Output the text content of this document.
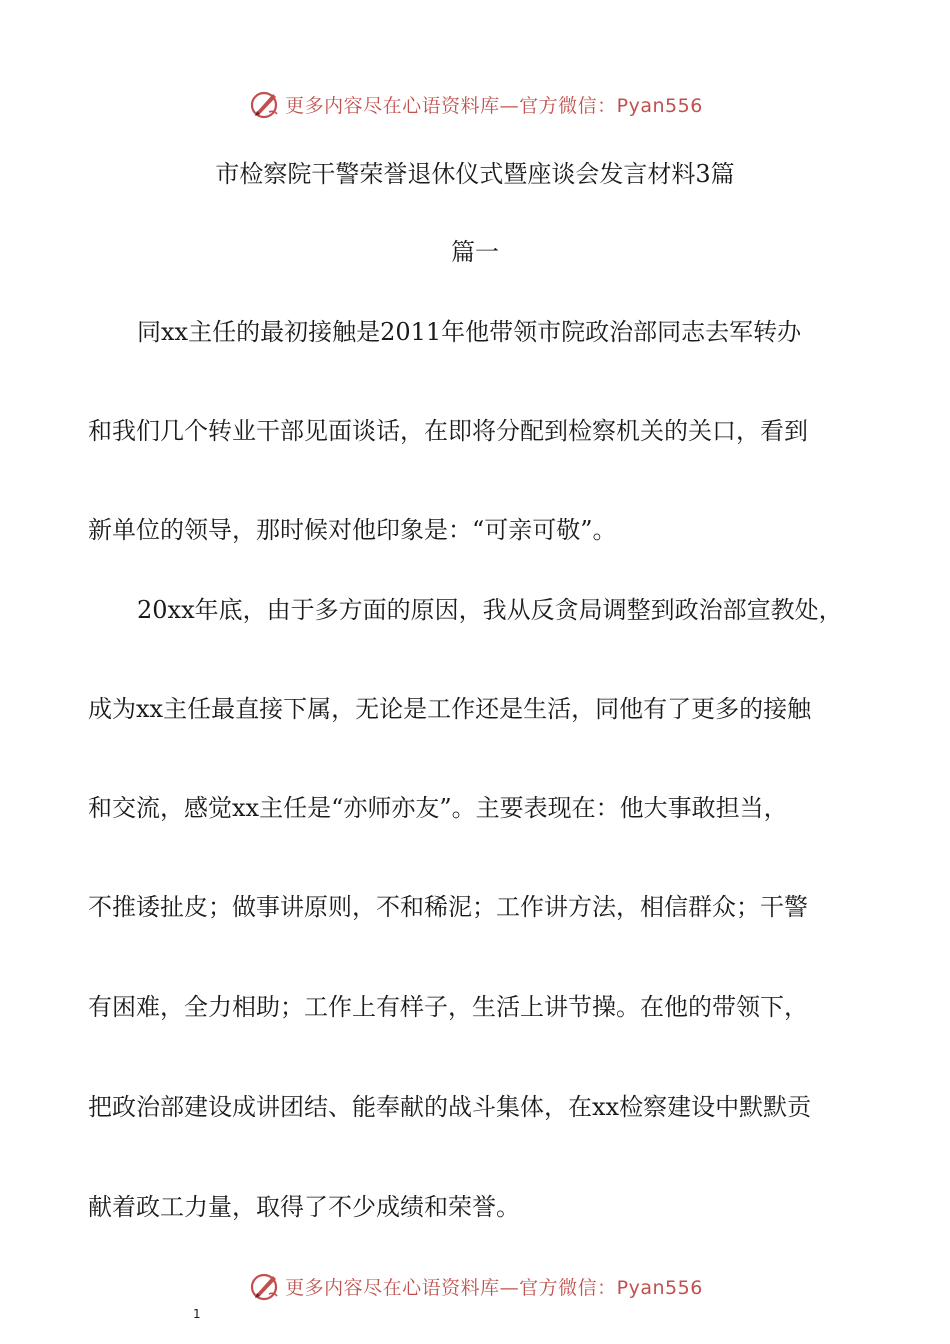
更多内容尽在心语资料库—官方微信：Pyan556
市检察院干警荣誉退休仪式暨座谈会发言材料3篇
篇一
同xx主任的最初接触是2011年他带领市院政治部同志去军转办
和我们几个转业干部见面谈话，在即将分配到检察机关的关口，看到
新单位的领导，那时候对他印象是：“可亲可敬”。
20xx年底，由于多方面的原因，我从反贪局调整到政治部宣教处，
成为xx主任最直接下属，无论是工作还是生活，同他有了更多的接触
和交流，感觉xx主任是“亦师亦友”。主要表现在：他大事敢担当，
不推诿扯皮；做事讲原则，不和稀泥；工作讲方法，相信群众；干警
有困难，全力相助；工作上有样子，生活上讲节操。在他的带领下，
把政治部建设成讲团结、能奉献的战斗集体，在xx检察建设中默默贡
献着政工力量，取得了不少成绩和荣誉。
更多内容尽在心语资料库—官方微信：Pyan556
1
